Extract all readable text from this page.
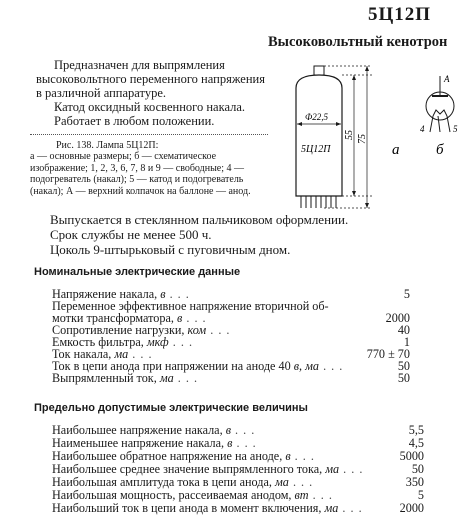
5Ц12П
Высоковольтный кенотрон

Предназначен для выпрямления высоковольтного переменного напряжения в различной аппаратуре.

Катод оксидный косвенного накала.

Работает в любом положении.

Рис. 138. Лампа 5Ц12П:
а — основные размеры; б — схематическое изображение; 1, 2, 3, 6, 7, 8 и 9 — свободные; 4 — подогреватель (накал); 5 — катод и подогреватель (накал); А — верхний колпачок на баллоне — анод.
Ф22,5
5Ц12П
55 75
а б
А
4	5
Выпускается в стеклянном пальчиковом оформлении.
Срок службы не менее 500 ч.
Цоколь 9-штырьковый с пуговичным дном.
Номинальные электрические данные
Напряжение накала, в . . .	5
Переменное эффективное напряжение вторичной об-
мотки трансформатора, в . . .	2000
Сопротивление нагрузки, ком . . .	40
Емкость фильтра, мкф . . .	1
Ток накала, ма . . .	770 ± 70
Ток в цепи анода при напряжении на аноде 40 в, ма . . .	50
Выпрямленный ток, ма . . .	50
Предельно допустимые электрические величины
Наибольшее напряжение накала, в . . .	5,5
Наименьшее напряжение накала, в . . .	4,5
Наибольшее обратное напряжение на аноде, в . . .	5000
Наибольшее среднее значение выпрямленного тока, ма . . .	50
Наибольшая амплитуда тока в цепи анода, ма . . .	350
Наибольшая мощность, рассеиваемая анодом, вт . . .	5
Наибольший ток в цепи анода в момент включения, ма . . .	2000
